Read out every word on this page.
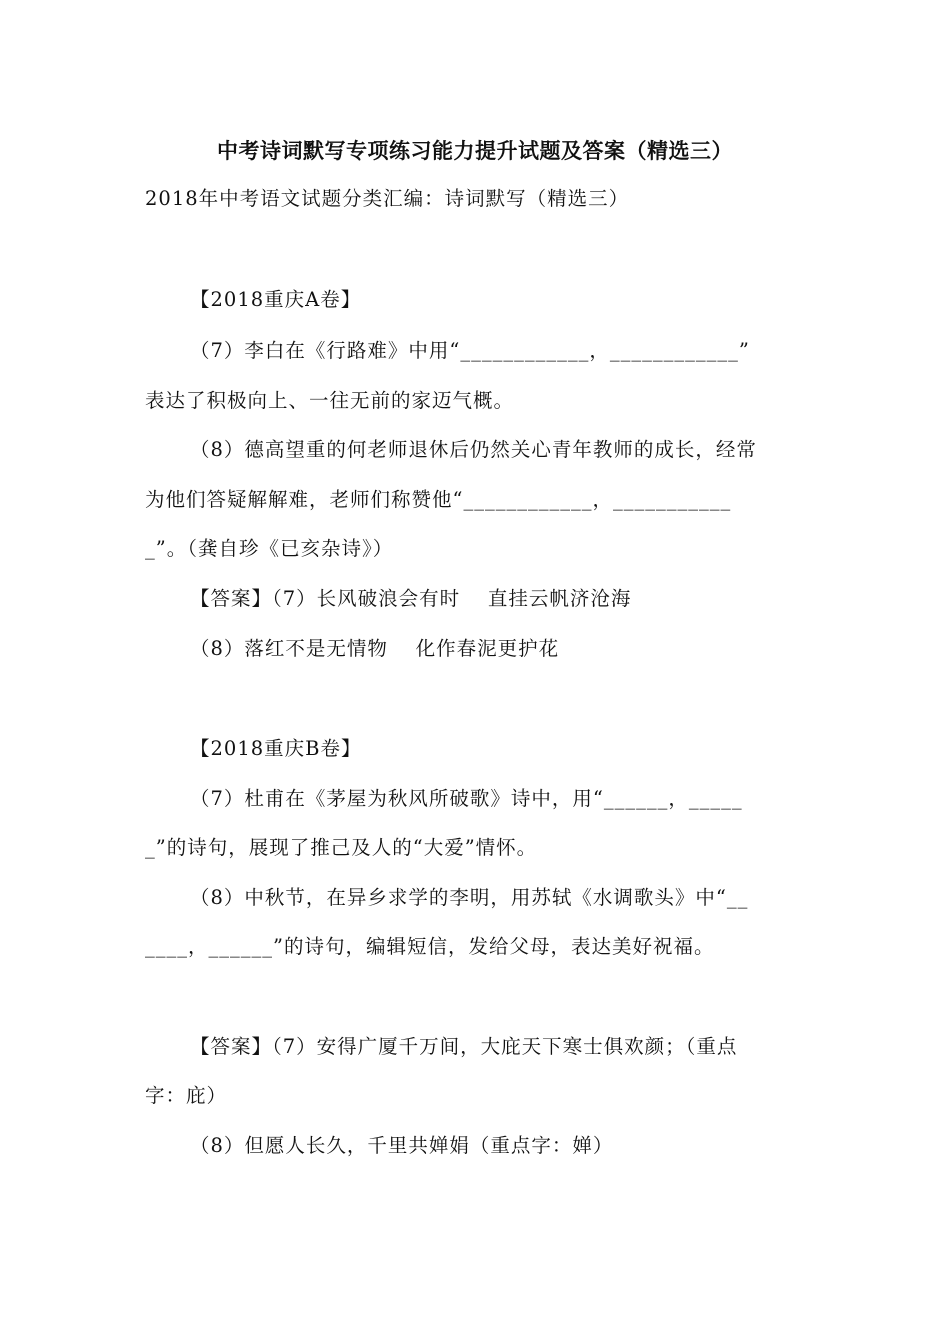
中考诗词默写专项练习能力提升试题及答案（精选三）
2018年中考语文试题分类汇编：诗词默写（精选三）
【2018重庆A卷】
（7）李白在《行路难》中用“____________，____________”
表达了积极向上、一往无前的家迈气概。
（8）德高望重的何老师退休后仍然关心青年教师的成长，经常
为他们答疑解解难，老师们称赞他“____________，___________
_”。（龚自珍《已亥杂诗》）
【答案】（7）长风破浪会有时　 直挂云帆济沧海
（8）落红不是无情物　 化作春泥更护花
【2018重庆B卷】
（7）杜甫在《茅屋为秋风所破歌》诗中，用“______，_____
_”的诗句，展现了推己及人的“大爱”情怀。
（8）中秋节，在异乡求学的李明，用苏轼《水调歌头》中“__
____，______”的诗句，编辑短信，发给父母，表达美好祝福。
【答案】（7）安得广厦千万间，大庇天下寒士俱欢颜；（重点
字：庇）
（8）但愿人长久，千里共婵娟（重点字：婵）
